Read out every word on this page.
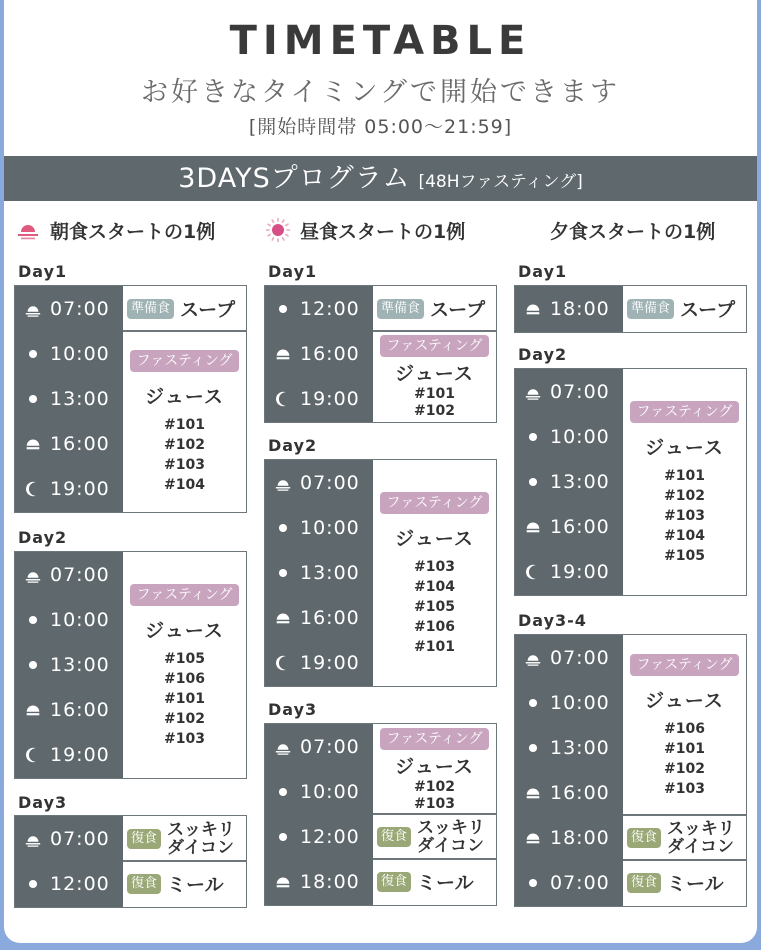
TIMETABLE
お好きなタイミングで開始できます
[開始時間帯 05:00〜21:59]
3DAYSプログラム [48Hファスティング]
朝食スタートの1例
Day1
07:00
10:00
13:00
16:00
19:00
準備食 スープ
ファスティング
ジュース
#101
#102
#103
#104
Day2
07:00
10:00
13:00
16:00
19:00
ファスティング
ジュース
#105
#106
#101
#102
#103
Day3
07:00
12:00
復食 スッキリ
ダイコン
復食 ミール
昼食スタートの1例
Day1
12:00
16:00
19:00
準備食 スープ
ファスティング
ジュース
#101
#102
Day2
07:00
10:00
13:00
16:00
19:00
ファスティング
ジュース
#103
#104
#105
#106
#101
Day3
07:00
10:00
12:00
18:00
ファスティング
ジュース
#102
#103
復食 スッキリ
ダイコン
復食 ミール
夕食スタートの1例
Day1
18:00	準備食 スープ
Day2
07:00
10:00
13:00
16:00
19:00
ファスティング
ジュース
#101
#102
#103
#104
#105
Day3-4
07:00
10:00
13:00
16:00
18:00
07:00
ファスティング
ジュース
#106
#101
#102
#103
復食 スッキリ
ダイコン
復食 ミール
